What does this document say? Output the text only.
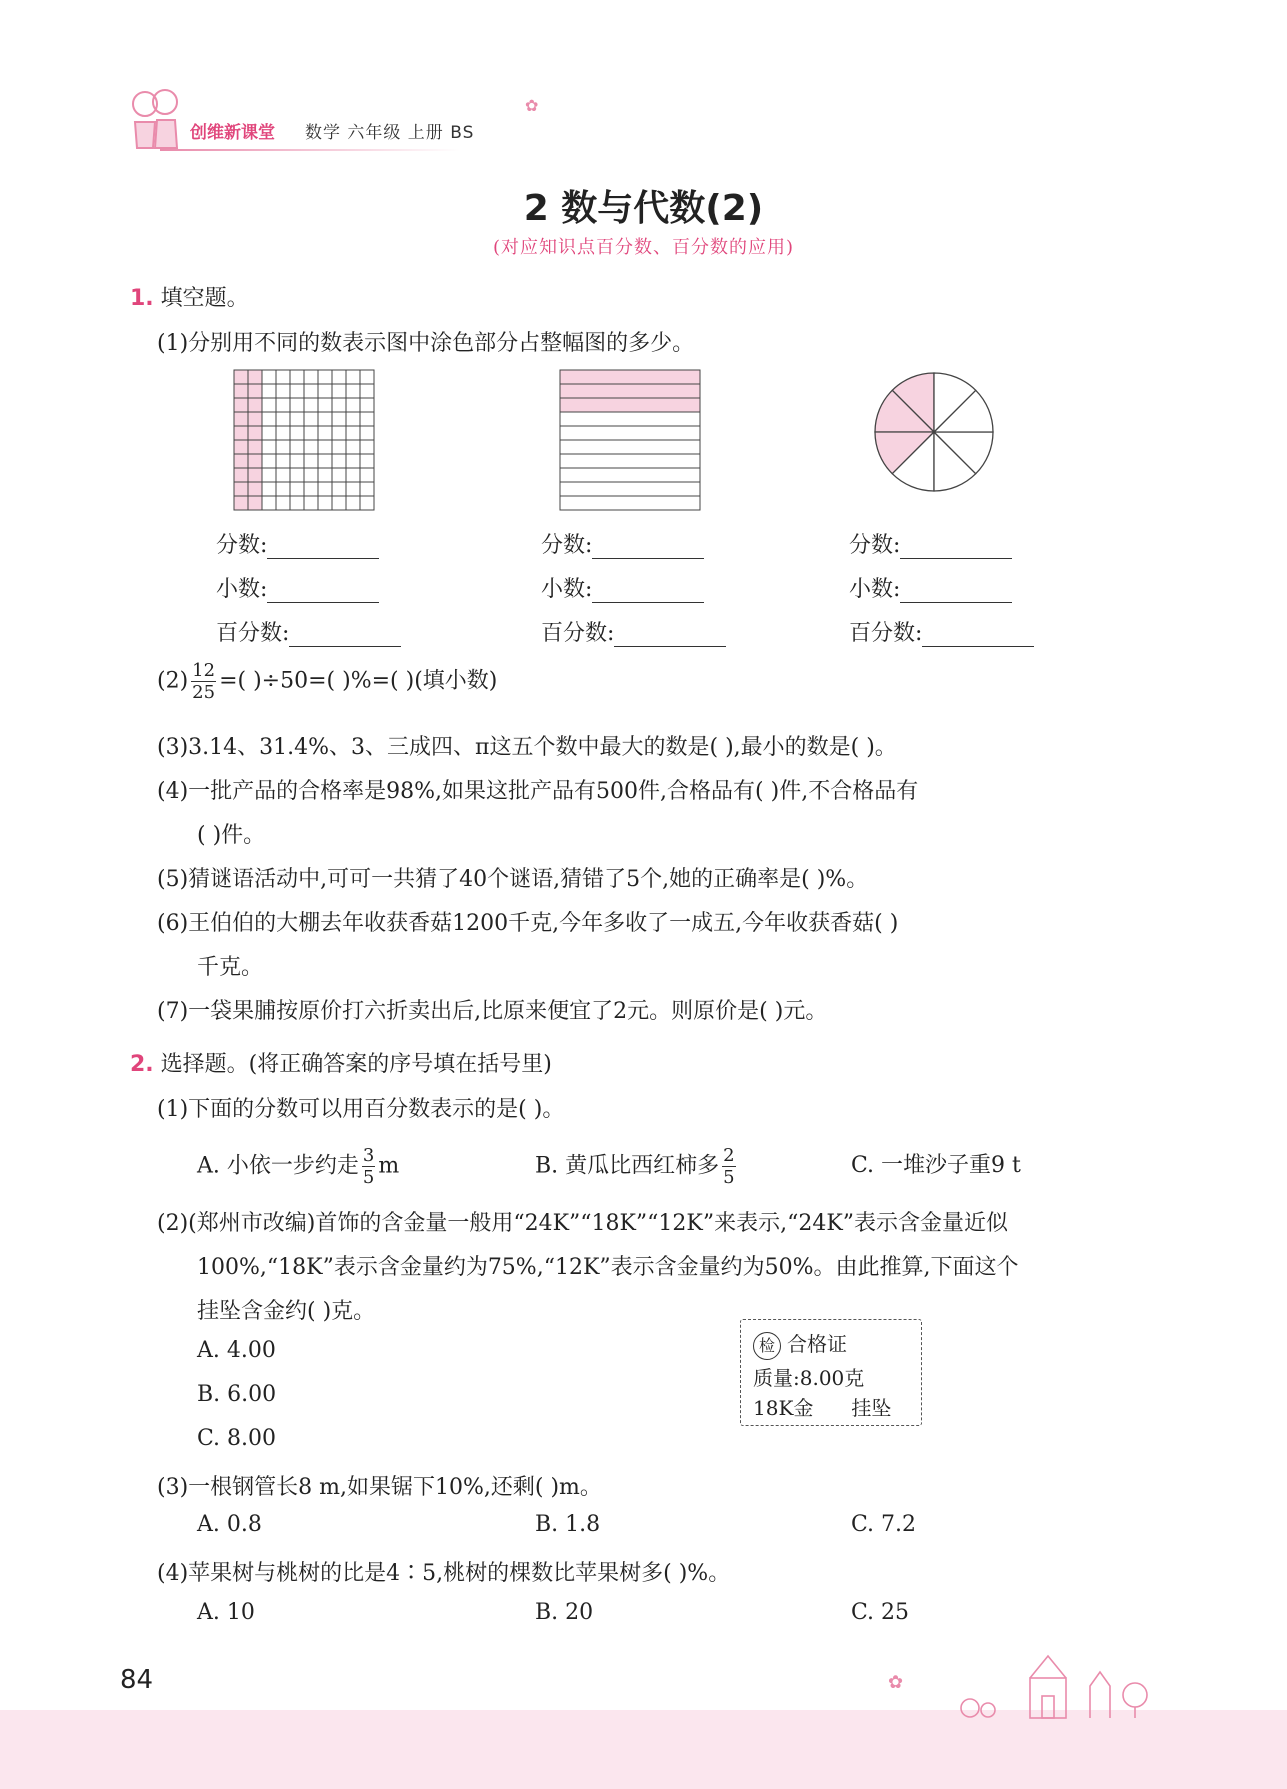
创维新课堂 数学 六年级 上册 BS
✿
2 数与代数(2)
(对应知识点百分数、百分数的应用)
1. 填空题。
(1)分别用不同的数表示图中涂色部分占整幅图的多少。
分数:
小数:
百分数:
分数:
小数:
百分数:
分数:
小数:
百分数:
$(2) \frac{12}{25}$ =( )÷50=( )%=( )(填小数)
(3)3.14、31.4%、3、三成四、π这五个数中最大的数是( ),最小的数是( )。
(4)一批产品的合格率是98%,如果这批产品有500件,合格品有( )件,不合格品有
( )件。
(5)猜谜语活动中,可可一共猜了40个谜语,猜错了5个,她的正确率是( )%。
(6)王伯伯的大棚去年收获香菇1200千克,今年多收了一成五,今年收获香菇( )
千克。
(7)一袋果脯按原价打六折卖出后,比原来便宜了2元。则原价是( )元。
2. 选择题。(将正确答案的序号填在括号里)
(1)下面的分数可以用百分数表示的是( )。
A. 小依一步约走 $\frac{3}{5}$ m	B. 黄瓜比西红柿多 $\frac{2}{5}$	C. 一堆沙子重9 t
(2)(郑州市改编)首饰的含金量一般用“24K”“18K”“12K”来表示,“24K”表示含金量近似
100%,“18K”表示含金量约为75%,“12K”表示含金量约为50%。由此推算,下面这个
挂坠含金约( )克。
A. 4.00
B. 6.00
C. 8.00
检 合格证
质量:8.00克
18K金 挂坠
(3)一根钢管长8 m,如果锯下10%,还剩( )m。
A. 0.8	B. 1.8	C. 7.2
(4)苹果树与桃树的比是4∶5,桃树的棵数比苹果树多( )%。
A. 10	B. 20	C. 25
84	✿
